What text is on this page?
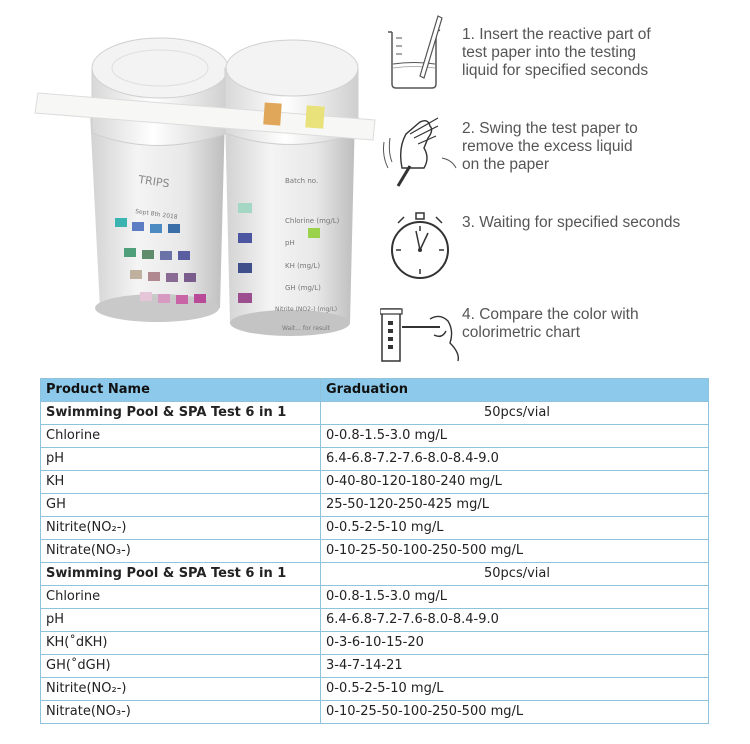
TRIPS
Sept 8th 2018
Chlorine (mg/L)
pH
KH (mg/L)
GH (mg/L)
Nitrite (NO2-) (mg/L)
Batch no.
Wait... for result
1. Insert the reactive part of
test paper into the testing
liquid for specified seconds
2. Swing the test paper to
remove the excess liquid
on the paper
3. Waiting for specified seconds
4. Compare the color with
colorimetric chart
Product Name	Graduation
Swimming Pool & SPA Test 6 in 1	50pcs/vial
Chlorine	0-0.8-1.5-3.0 mg/L
pH	6.4-6.8-7.2-7.6-8.0-8.4-9.0
KH	0-40-80-120-180-240 mg/L
GH	25-50-120-250-425 mg/L
Nitrite(NO₂-)	0-0.5-2-5-10 mg/L
Nitrate(NO₃-)	0-10-25-50-100-250-500 mg/L
Swimming Pool & SPA Test 6 in 1	50pcs/vial
Chlorine	0-0.8-1.5-3.0 mg/L
pH	6.4-6.8-7.2-7.6-8.0-8.4-9.0
KH(˚dKH)	0-3-6-10-15-20
GH(˚dGH)	3-4-7-14-21
Nitrite(NO₂-)	0-0.5-2-5-10 mg/L
Nitrate(NO₃-)	0-10-25-50-100-250-500 mg/L
